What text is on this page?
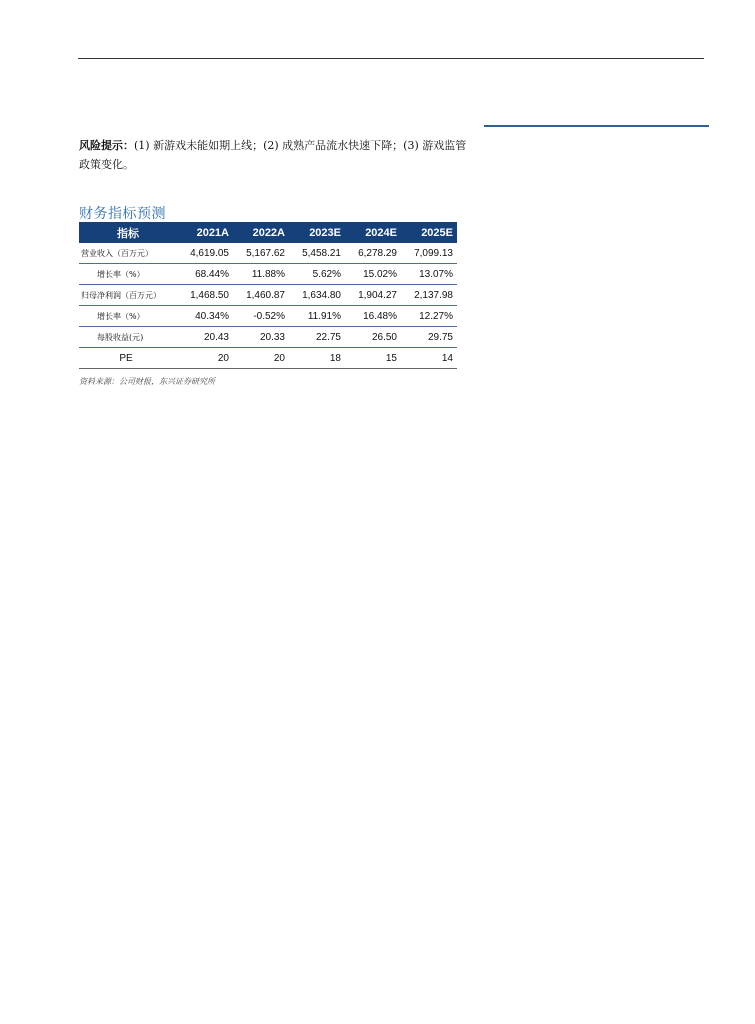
风险提示：(1) 新游戏未能如期上线；(2) 成熟产品流水快速下降；(3) 游戏监管政策变化。
财务指标预测
指标	2021A	2022A	2023E	2024E	2025E
营业收入（百万元）	4,619.05	5,167.62	5,458.21	6,278.29	7,099.13
增长率（%）	68.44%	11.88%	5.62%	15.02%	13.07%
归母净利润（百万元）	1,468.50	1,460.87	1,634.80	1,904.27	2,137.98
增长率（%）	40.34%	-0.52%	11.91%	16.48%	12.27%
每股收益(元)	20.43	20.33	22.75	26.50	29.75
PE	20	20	18	15	14
资料来源：公司财报，东兴证券研究所
